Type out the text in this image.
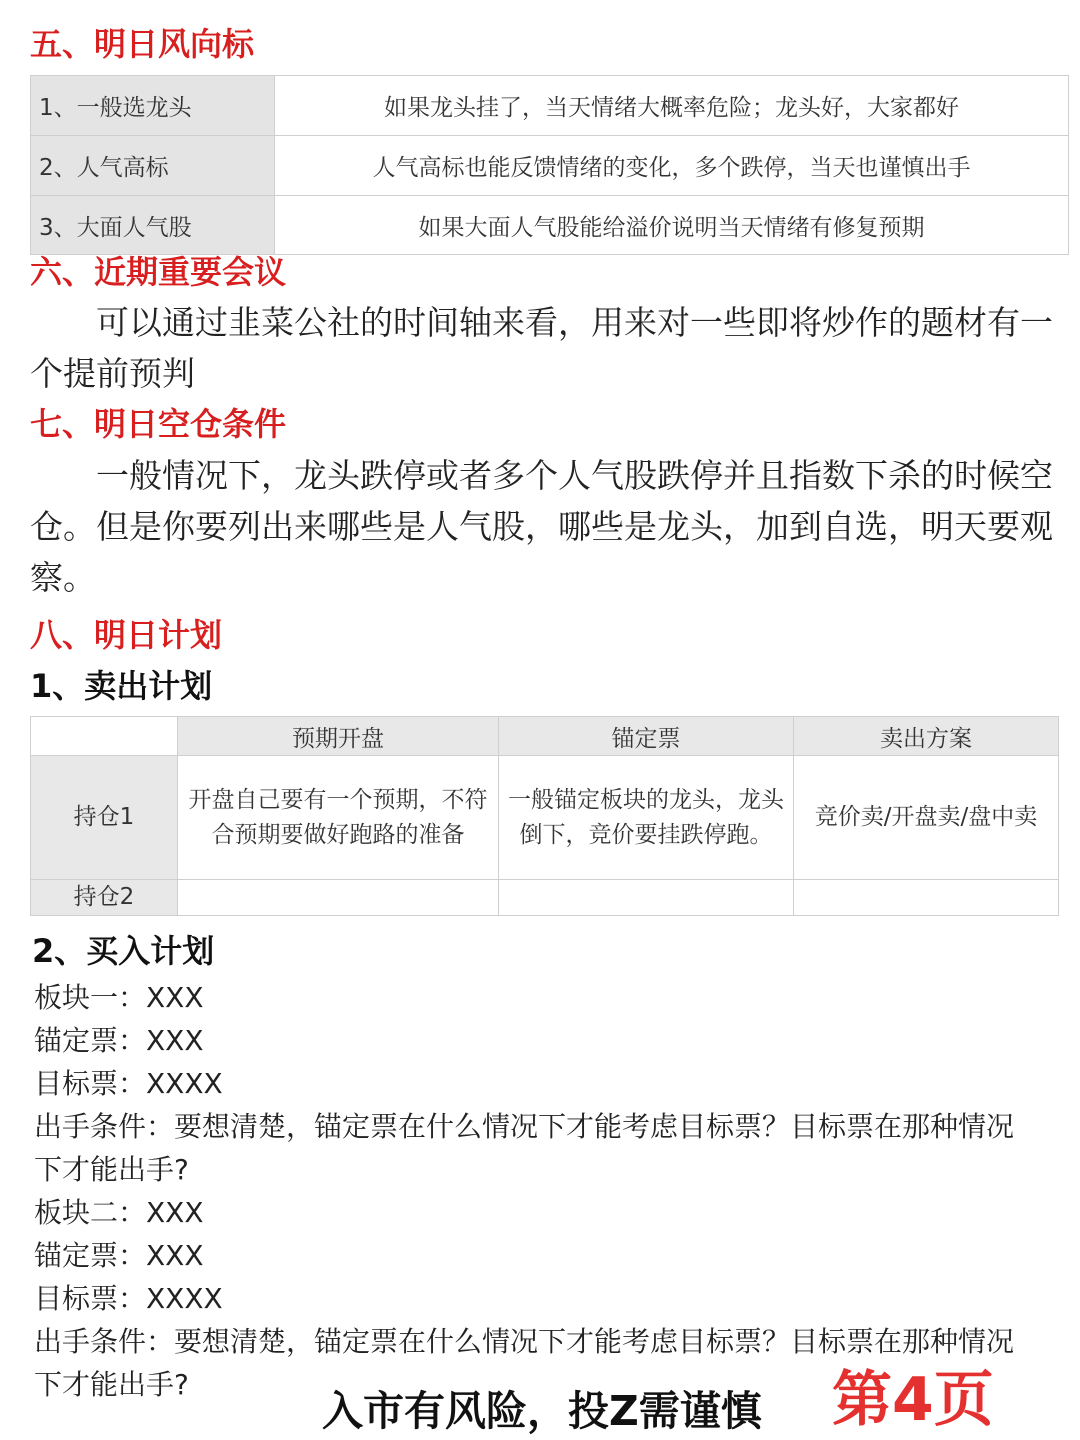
五、明日风向标
1、一般选龙头	如果龙头挂了，当天情绪大概率危险；龙头好，大家都好
2、人气高标	人气高标也能反馈情绪的变化，多个跌停，当天也谨慎出手
3、大面人气股	如果大面人气股能给溢价说明当天情绪有修复预期
六、近期重要会议

可以通过韭菜公社的时间轴来看，用来对一些即将炒作的题材有一个提前预判

七、明日空仓条件

一般情况下，龙头跌停或者多个人气股跌停并且指数下杀的时候空仓。但是你要列出来哪些是人气股，哪些是龙头，加到自选，明天要观察。

八、明日计划
1、卖出计划
	预期开盘	锚定票	卖出方案
持仓1	开盘自己要有一个预期，不符合预期要做好跑路的准备	一般锚定板块的龙头，龙头倒下，竞价要挂跌停跑。	竞价卖/开盘卖/盘中卖
持仓2			
2、买入计划
板块一：XXX
锚定票：XXX
目标票：XXXX
出手条件：要想清楚，锚定票在什么情况下才能考虑目标票？目标票在那种情况
下才能出手?
板块二：XXX
锚定票：XXX
目标票：XXXX
出手条件：要想清楚，锚定票在什么情况下才能考虑目标票？目标票在那种情况
下才能出手?
入市有风险，投Z需谨慎 第4页
